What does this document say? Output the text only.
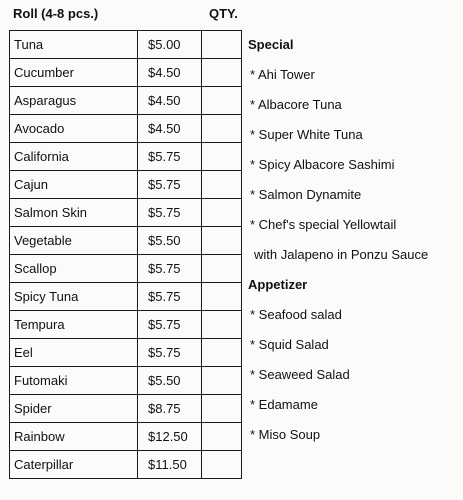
Roll (4-8 pcs.)	QTY.
Tuna	$5.00	
Cucumber	$4.50	
Asparagus	$4.50	
Avocado	$4.50	
California	$5.75	
Cajun	$5.75	
Salmon Skin	$5.75	
Vegetable	$5.50	
Scallop	$5.75	
Spicy Tuna	$5.75	
Tempura	$5.75	
Eel	$5.75	
Futomaki	$5.50	
Spider	$8.75	
Rainbow	$12.50	
Caterpillar	$11.50	
Special
* Ahi Tower
* Albacore Tuna
* Super White Tuna
* Spicy Albacore Sashimi
* Salmon Dynamite
* Chef's special Yellowtail
with Jalapeno in Ponzu Sauce
Appetizer
* Seafood salad
* Squid Salad
* Seaweed Salad
* Edamame
* Miso Soup
